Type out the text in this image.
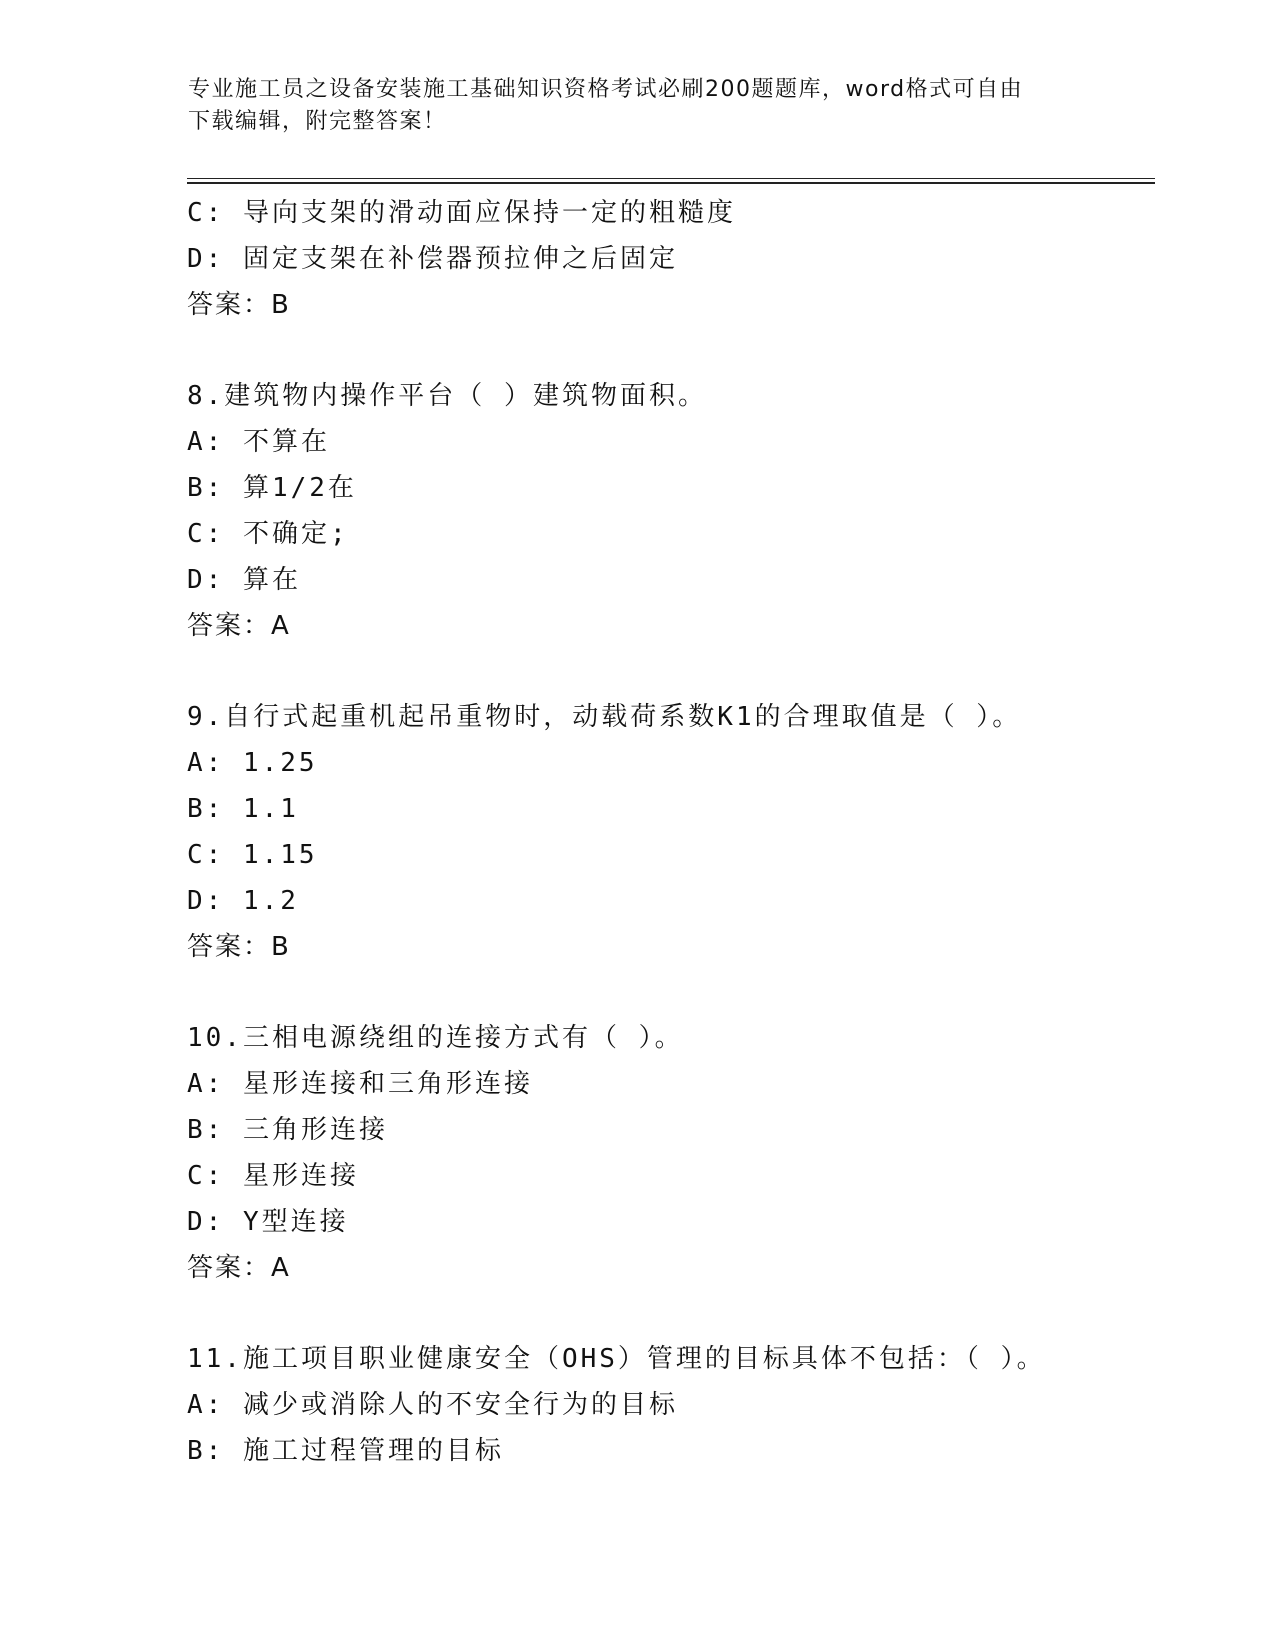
专业施工员之设备安装施工基础知识资格考试必刷200题题库，word格式可自由
下载编辑，附完整答案！
C: 导向支架的滑动面应保持一定的粗糙度
D: 固定支架在补偿器预拉伸之后固定
答案：B
8.建筑物内操作平台（ ）建筑物面积。
A: 不算在
B: 算1/2在
C: 不确定;
D: 算在
答案：A
9.自行式起重机起吊重物时，动载荷系数K1的合理取值是（ ）。
A: 1.25
B: 1.1
C: 1.15
D: 1.2
答案：B
10.三相电源绕组的连接方式有（ ）。
A: 星形连接和三角形连接
B: 三角形连接
C: 星形连接
D: Y型连接
答案：A
11.施工项目职业健康安全（OHS）管理的目标具体不包括：（ ）。
A: 减少或消除人的不安全行为的目标
B: 施工过程管理的目标
